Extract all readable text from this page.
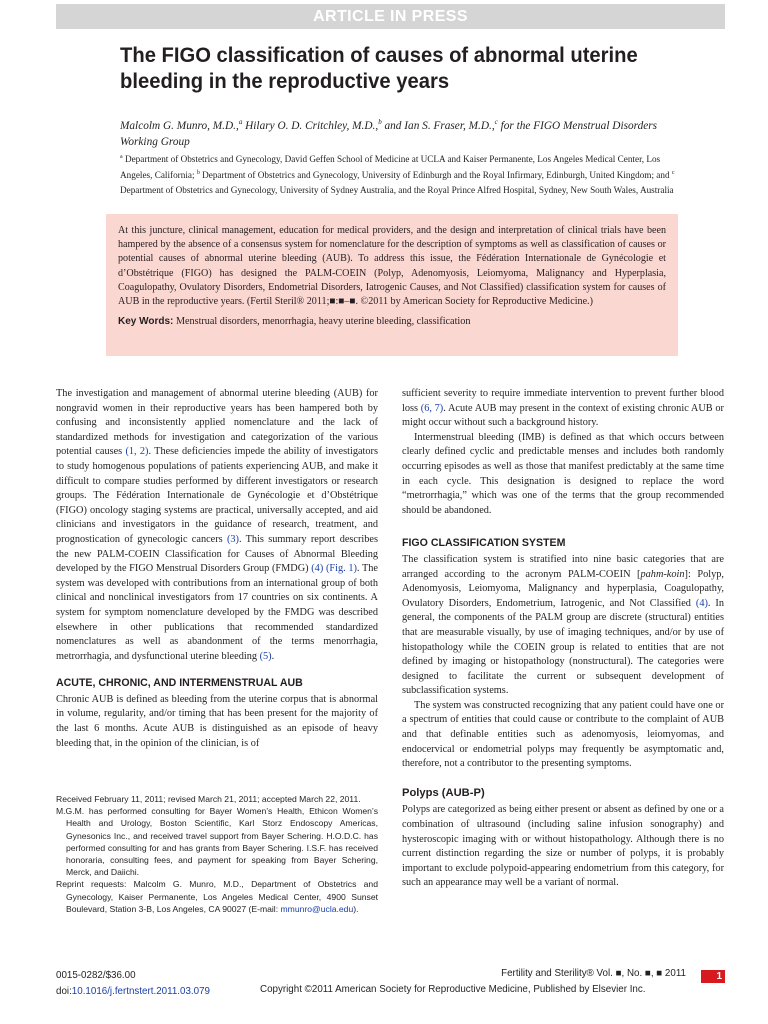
ARTICLE IN PRESS
The FIGO classification of causes of abnormal uterine
bleeding in the reproductive years
Malcolm G. Munro, M.D.,$^a$ Hilary O. D. Critchley, M.D.,$^b$ and Ian S. Fraser, M.D.,$^c$ for the FIGO Menstrual Disorders Working Group
$^a$ Department of Obstetrics and Gynecology, David Geffen School of Medicine at UCLA and Kaiser Permanente, Los Angeles Medical Center, Los Angeles, California; $^b$ Department of Obstetrics and Gynecology, University of Edinburgh and the Royal Infirmary, Edinburgh, United Kingdom; and $^c$ Department of Obstetrics and Gynecology, University of Sydney Australia, and the Royal Prince Alfred Hospital, Sydney, New South Wales, Australia

At this juncture, clinical management, education for medical providers, and the design and interpretation of clinical trials have been hampered by the absence of a consensus system for nomenclature for the description of symptoms as well as classification of causes or potential causes of abnormal uterine bleeding (AUB). To address this issue, the Fédération Internationale de Gynécologie et d’Obstétrique (FIGO) has designed the PALM-COEIN (Polyp, Adenomyosis, Leiomyoma, Malignancy and Hyperplasia, Coagulopathy, Ovulatory Disorders, Endometrial Disorders, Iatrogenic Causes, and Not Classified) classification system for causes of AUB in the reproductive years. (Fertil Steril® 2011;■:■–■. ©2011 by American Society for Reproductive Medicine.)

Key Words: Menstrual disorders, menorrhagia, heavy uterine bleeding, classification

The investigation and management of abnormal uterine bleeding (AUB) for nongravid women in their reproductive years has been hampered both by confusing and inconsistently applied nomenclature and the lack of standardized methods for investigation and categorization of the various potential causes (1, 2). These deficiencies impede the ability of investigators to study homogenous populations of patients experiencing AUB, and make it difficult to compare studies performed by different investigators or research groups. The Fédération Internationale de Gynécologie et d’Obstétrique (FIGO) oncology staging systems are practical, universally accepted, and aid clinicians and investigators in the guidance of research, treatment, and prognostication of gynecologic cancers (3). This summary report describes the new PALM-COEIN Classification for Causes of Abnormal Bleeding developed by the FIGO Menstrual Disorders Group (FMDG) (4) (Fig. 1). The system was developed with contributions from an international group of both clinical and nonclinical investigators from 17 countries on six continents. A system for symptom nomenclature developed by the FMDG was described elsewhere in other publications that recommended standardized nomenclatures as well as abandonment of the terms menorrhagia, metrorrhagia, and dysfunctional uterine bleeding (5).

ACUTE, CHRONIC, AND INTERMENSTRUAL AUB

Chronic AUB is defined as bleeding from the uterine corpus that is abnormal in volume, regularity, and/or timing that has been present for the majority of the last 6 months. Acute AUB is distinguished as an episode of heavy bleeding that, in the opinion of the clinician, is of

Received February 11, 2011; revised March 21, 2011; accepted March 22, 2011.

M.G.M. has performed consulting for Bayer Women’s Health, Ethicon Women’s Health and Urology, Boston Scientific, Karl Storz Endoscopy Americas, Gynesonics Inc., and received travel support from Bayer Schering. H.O.D.C. has performed consulting for and has grants from Bayer Schering. I.S.F. has received honoraria, consulting fees, and payment for speaking from Bayer Schering, Merck, and Daiichi.

Reprint requests: Malcolm G. Munro, M.D., Department of Obstetrics and Gynecology, Kaiser Permanente, Los Angeles Medical Center, 4900 Sunset Boulevard, Station 3-B, Los Angeles, CA 90027 (E-mail: mmunro@ucla.edu).

sufficient severity to require immediate intervention to prevent further blood loss (6, 7). Acute AUB may present in the context of existing chronic AUB or might occur without such a background history.

Intermenstrual bleeding (IMB) is defined as that which occurs between clearly defined cyclic and predictable menses and includes both randomly occurring episodes as well as those that manifest predictably at the same time in each cycle. This designation is designed to replace the word “metrorrhagia,” which was one of the terms that the group recommended should be abandoned.

FIGO CLASSIFICATION SYSTEM

The classification system is stratified into nine basic categories that are arranged according to the acronym PALM-COEIN [pahm-koin]: Polyp, Adenomyosis, Leiomyoma, Malignancy and hyperplasia, Coagulopathy, Ovulatory Disorders, Endometrium, Iatrogenic, and Not Classified (4). In general, the components of the PALM group are discrete (structural) entities that are measurable visually, by use of imaging techniques, and/or by use of histopathology while the COEIN group is related to entities that are not defined by imaging or histopathology (nonstructural). The categories were designed to facilitate the current or subsequent development of subclassification systems.

The system was constructed recognizing that any patient could have one or a spectrum of entities that could cause or contribute to the complaint of AUB and that definable entities such as adenomyosis, leiomyomas, and endocervical or endometrial polyps may frequently be asymptomatic and, therefore, not a contributor to the presenting symptoms.

Polyps (AUB-P)

Polyps are categorized as being either present or absent as defined by one or a combination of ultrasound (including saline infusion sonography) and hysteroscopic imaging with or without histopathology. Although there is no current distinction regarding the size or number of polyps, it is probably important to exclude polypoid-appearing endometrium from this category, for such an appearance may well be a variant of normal.

0015-0282/$36.00
doi:10.1016/j.fertnstert.2011.03.079
Fertility and Sterility® Vol. ■, No. ■, ■ 2011
Copyright ©2011 American Society for Reproductive Medicine, Published by Elsevier Inc.
1
